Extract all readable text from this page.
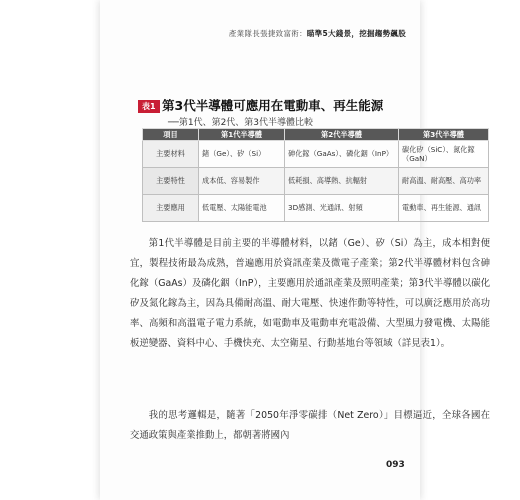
產業隊長張捷致富術：瞄準5大錢景，挖掘趨勢飆股
表1 第3代半導體可應用在電動車、再生能源
──第1代、第2代、第3代半導體比較
項目	第1代半導體	第2代半導體	第3代半導體
主要材料	鍺（Ge）、矽（Si）	砷化鎵（GaAs）、磷化銦（InP）	碳化矽（SiC）、氮化鎵（GaN）
主要特性	成本低、容易製作	低耗損、高導熱、抗輻射	耐高溫、耐高壓、高功率
主要應用	低電壓、太陽能電池	3D感測、光通訊、射頻	電動車、再生能源、通訊

第1代半導體是目前主要的半導體材料，以鍺（Ge）、矽（Si）為主，成本相對便宜，製程技術最為成熟，普遍應用於資訊產業及微電子產業；第2代半導體材料包含砷化鎵（GaAs）及磷化銦（InP），主要應用於通訊產業及照明產業；第3代半導體以碳化矽及氮化鎵為主，因為具備耐高溫、耐大電壓、快速作動等特性，可以廣泛應用於高功率、高頻和高溫電子電力系統，如電動車及電動車充電設備、大型風力發電機、太陽能板逆變器、資料中心、手機快充、太空衛星、行動基地台等領域（詳見表1）。

我的思考邏輯是，隨著「2050年淨零碳排（Net Zero）」目標逼近，全球各國在交通政策與產業推動上，都朝著將國內

093
